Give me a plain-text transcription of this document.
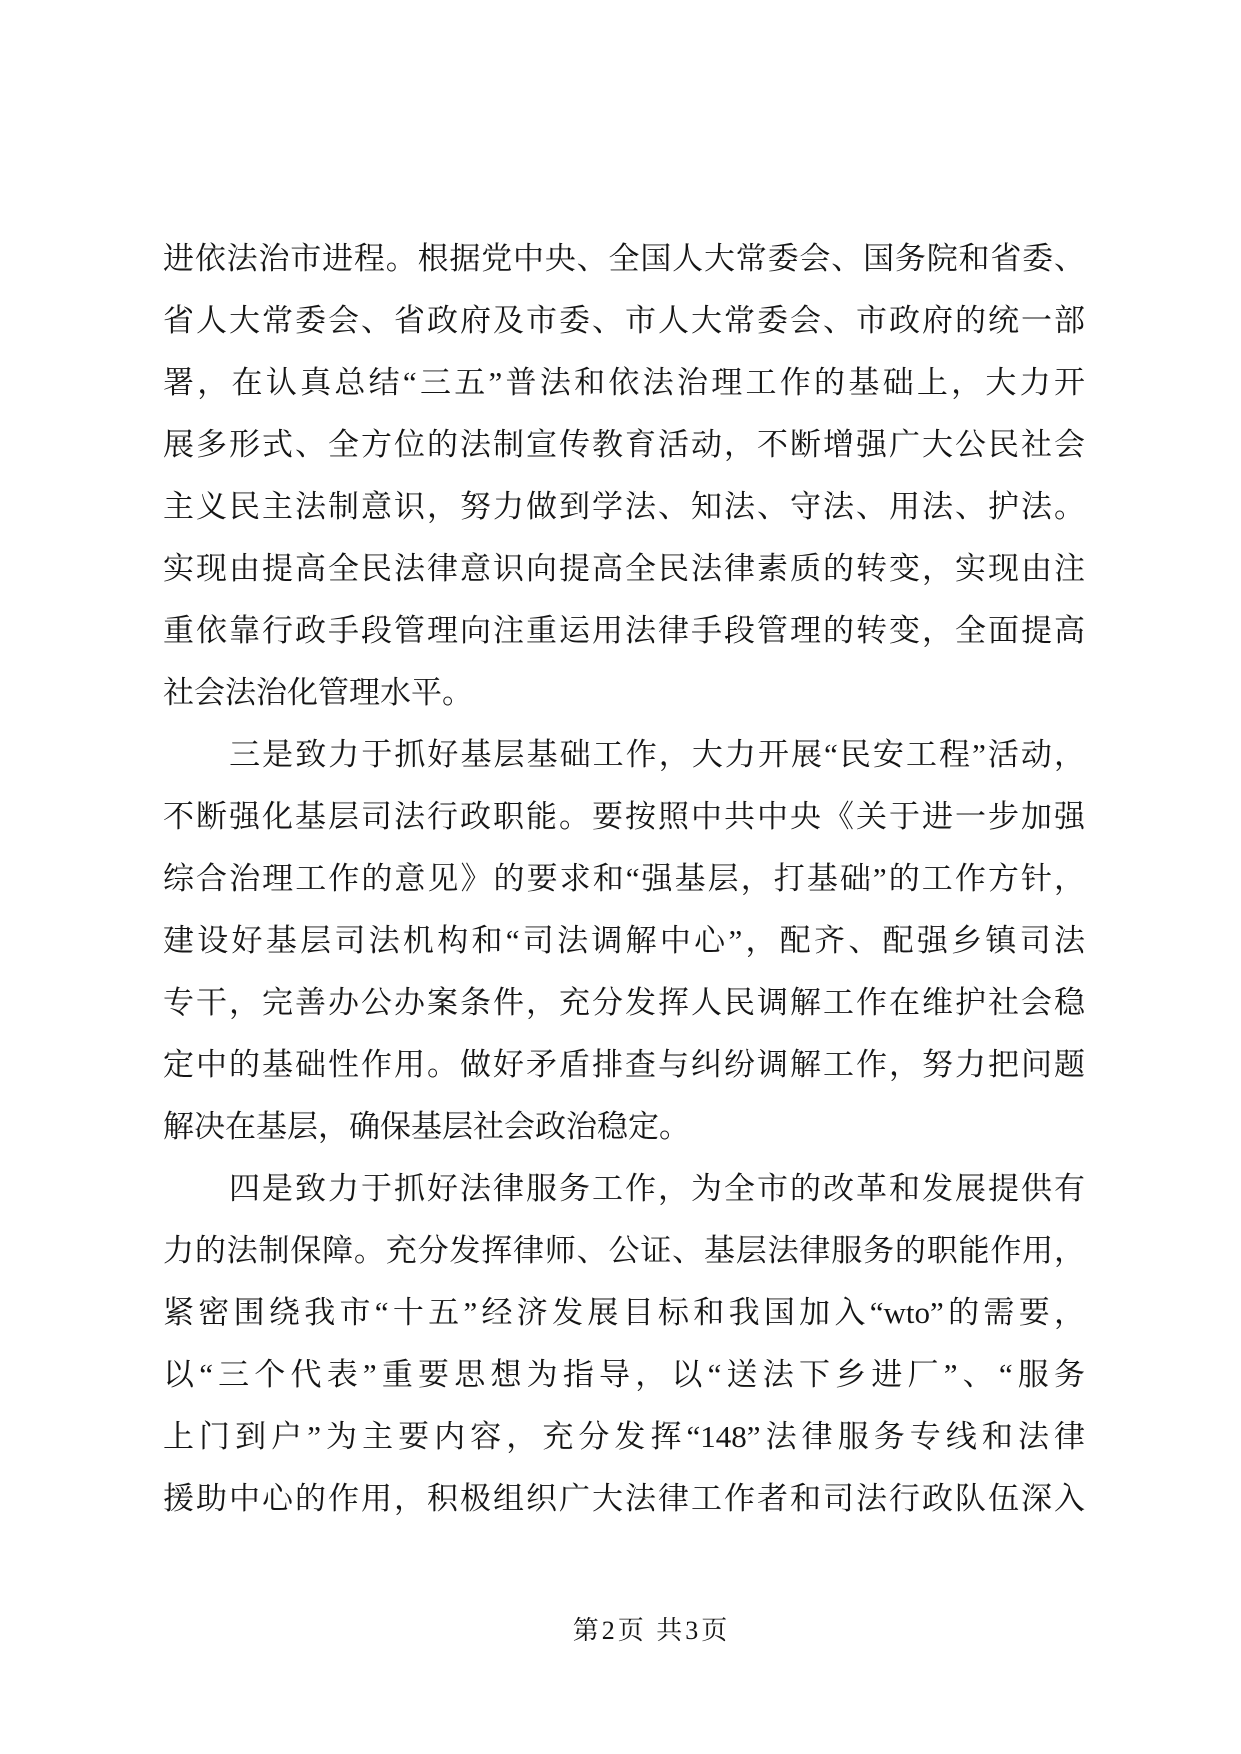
进依法治市进程。根据党中央、全国人大常委会、国务院和省委、
省人大常委会、省政府及市委、市人大常委会、市政府的统一部
署，在认真总结“三五”普法和依法治理工作的基础上，大力开
展多形式、全方位的法制宣传教育活动，不断增强广大公民社会
主义民主法制意识，努力做到学法、知法、守法、用法、护法。
实现由提高全民法律意识向提高全民法律素质的转变，实现由注
重依靠行政手段管理向注重运用法律手段管理的转变，全面提高
社会法治化管理水平。
　　三是致力于抓好基层基础工作，大力开展“民安工程”活动，
不断强化基层司法行政职能。要按照中共中央《关于进一步加强
综合治理工作的意见》的要求和“强基层，打基础”的工作方针，
建设好基层司法机构和“司法调解中心”，配齐、配强乡镇司法
专干，完善办公办案条件，充分发挥人民调解工作在维护社会稳
定中的基础性作用。做好矛盾排查与纠纷调解工作，努力把问题
解决在基层，确保基层社会政治稳定。
　　四是致力于抓好法律服务工作，为全市的改革和发展提供有
力的法制保障。充分发挥律师、公证、基层法律服务的职能作用，
紧密围绕我市“十五”经济发展目标和我国加入“wto”的需要，
以“三个代表”重要思想为指导，以“送法下乡进厂”、“服务
上门到户”为主要内容，充分发挥“148”法律服务专线和法律
援助中心的作用，积极组织广大法律工作者和司法行政队伍深入
第2页 共3页
